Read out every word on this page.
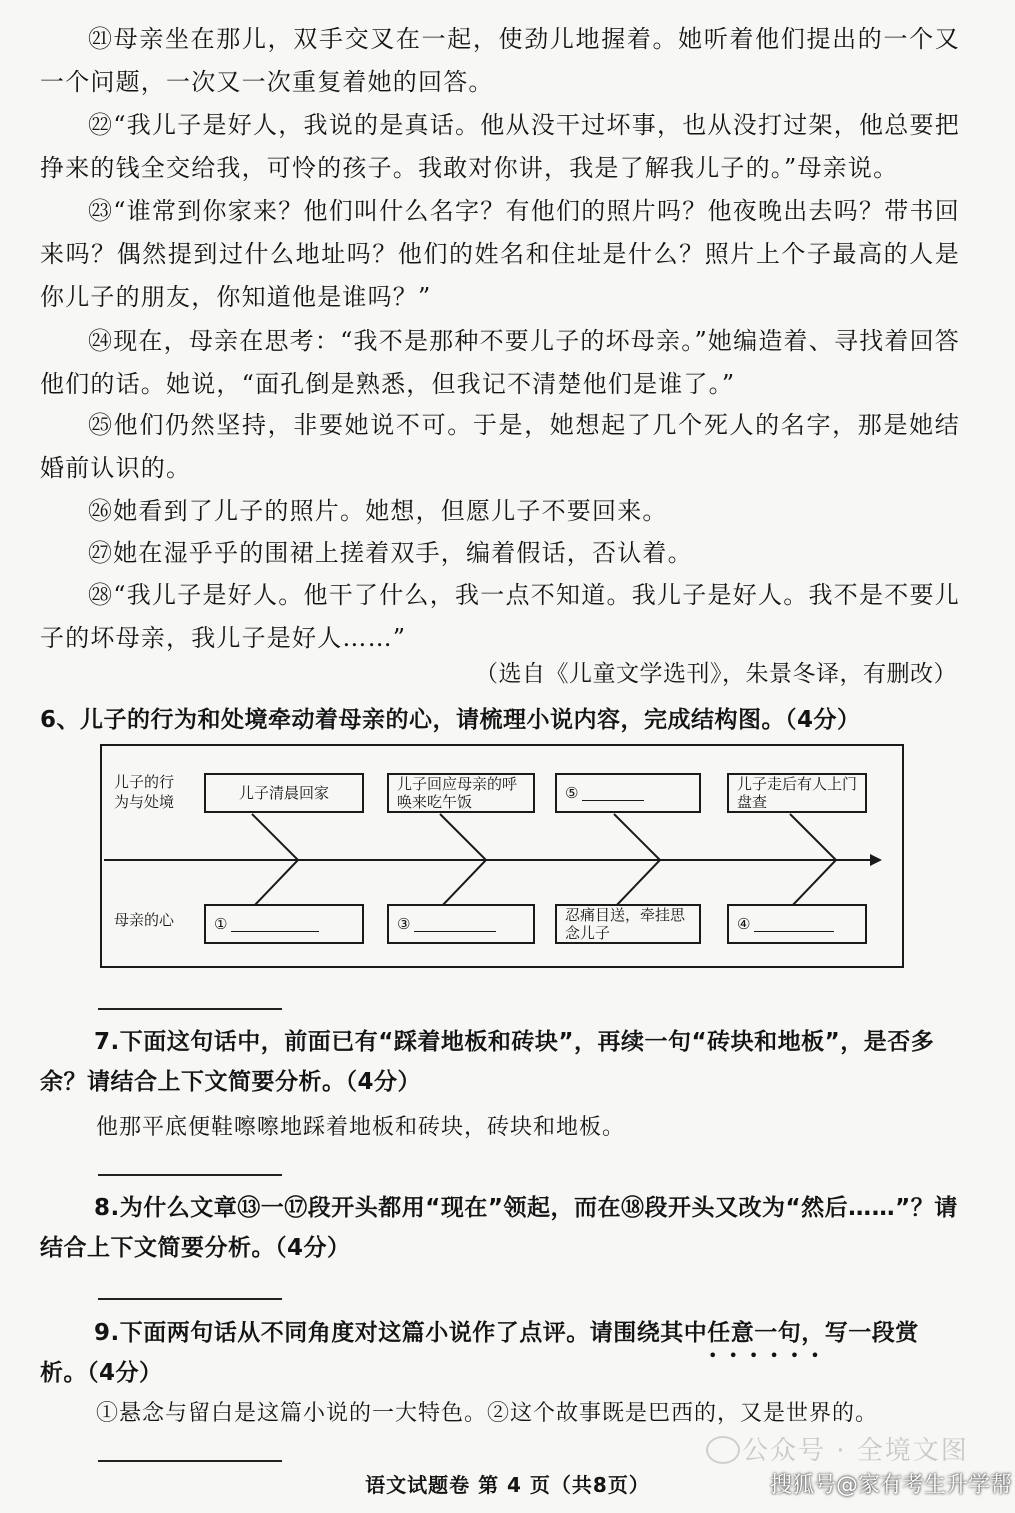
㉑母亲坐在那儿，双手交叉在一起，使劲儿地握着。她听着他们提出的一个又一个问题，一次又一次重复着她的回答。

㉒“我儿子是好人，我说的是真话。他从没干过坏事，也从没打过架，他总要把挣来的钱全交给我，可怜的孩子。我敢对你讲，我是了解我儿子的。”母亲说。

㉓“谁常到你家来？他们叫什么名字？有他们的照片吗？他夜晚出去吗？带书回来吗？偶然提到过什么地址吗？他们的姓名和住址是什么？照片上个子最高的人是你儿子的朋友，你知道他是谁吗？”

㉔现在，母亲在思考：“我不是那种不要儿子的坏母亲。”她编造着、寻找着回答他们的话。她说，“面孔倒是熟悉，但我记不清楚他们是谁了。”

㉕他们仍然坚持，非要她说不可。于是，她想起了几个死人的名字，那是她结婚前认识的。

㉖她看到了儿子的照片。她想，但愿儿子不要回来。

㉗她在湿乎乎的围裙上搓着双手，编着假话，否认着。

㉘“我儿子是好人。他干了什么，我一点不知道。我儿子是好人。我不是不要儿子的坏母亲，我儿子是好人……”

（选自《儿童文学选刊》，朱景冬译，有删改）

6、儿子的行为和处境牵动着母亲的心，请梳理小说内容，完成结构图。（4分）

儿子的行为与处境
母亲的心
儿子清晨回家	儿子回应母亲的呼唤来吃午饭	⑤	儿子走后有人上门盘查
①	③	忍痛目送，牵挂思念儿子	④

7.下面这句话中，前面已有“踩着地板和砖块”，再续一句“砖块和地板”，是否多余？请结合上下文简要分析。（4分）

他那平底便鞋嚓嚓地踩着地板和砖块，砖块和地板。

8.为什么文章⑬一⑰段开头都用“现在”领起，而在⑱段开头又改为“然后……”？请结合上下文简要分析。（4分）

9.下面两句话从不同角度对这篇小说作了点评。请围绕其中任意一句，写一段赏析。（4分）

••••••
①悬念与留白是这篇小说的一大特色。②这个故事既是巴西的，又是世界的。
公众号 · 全境文图
语文试题卷 第 4 页（共8页）	搜狐号@家有考生升学帮
